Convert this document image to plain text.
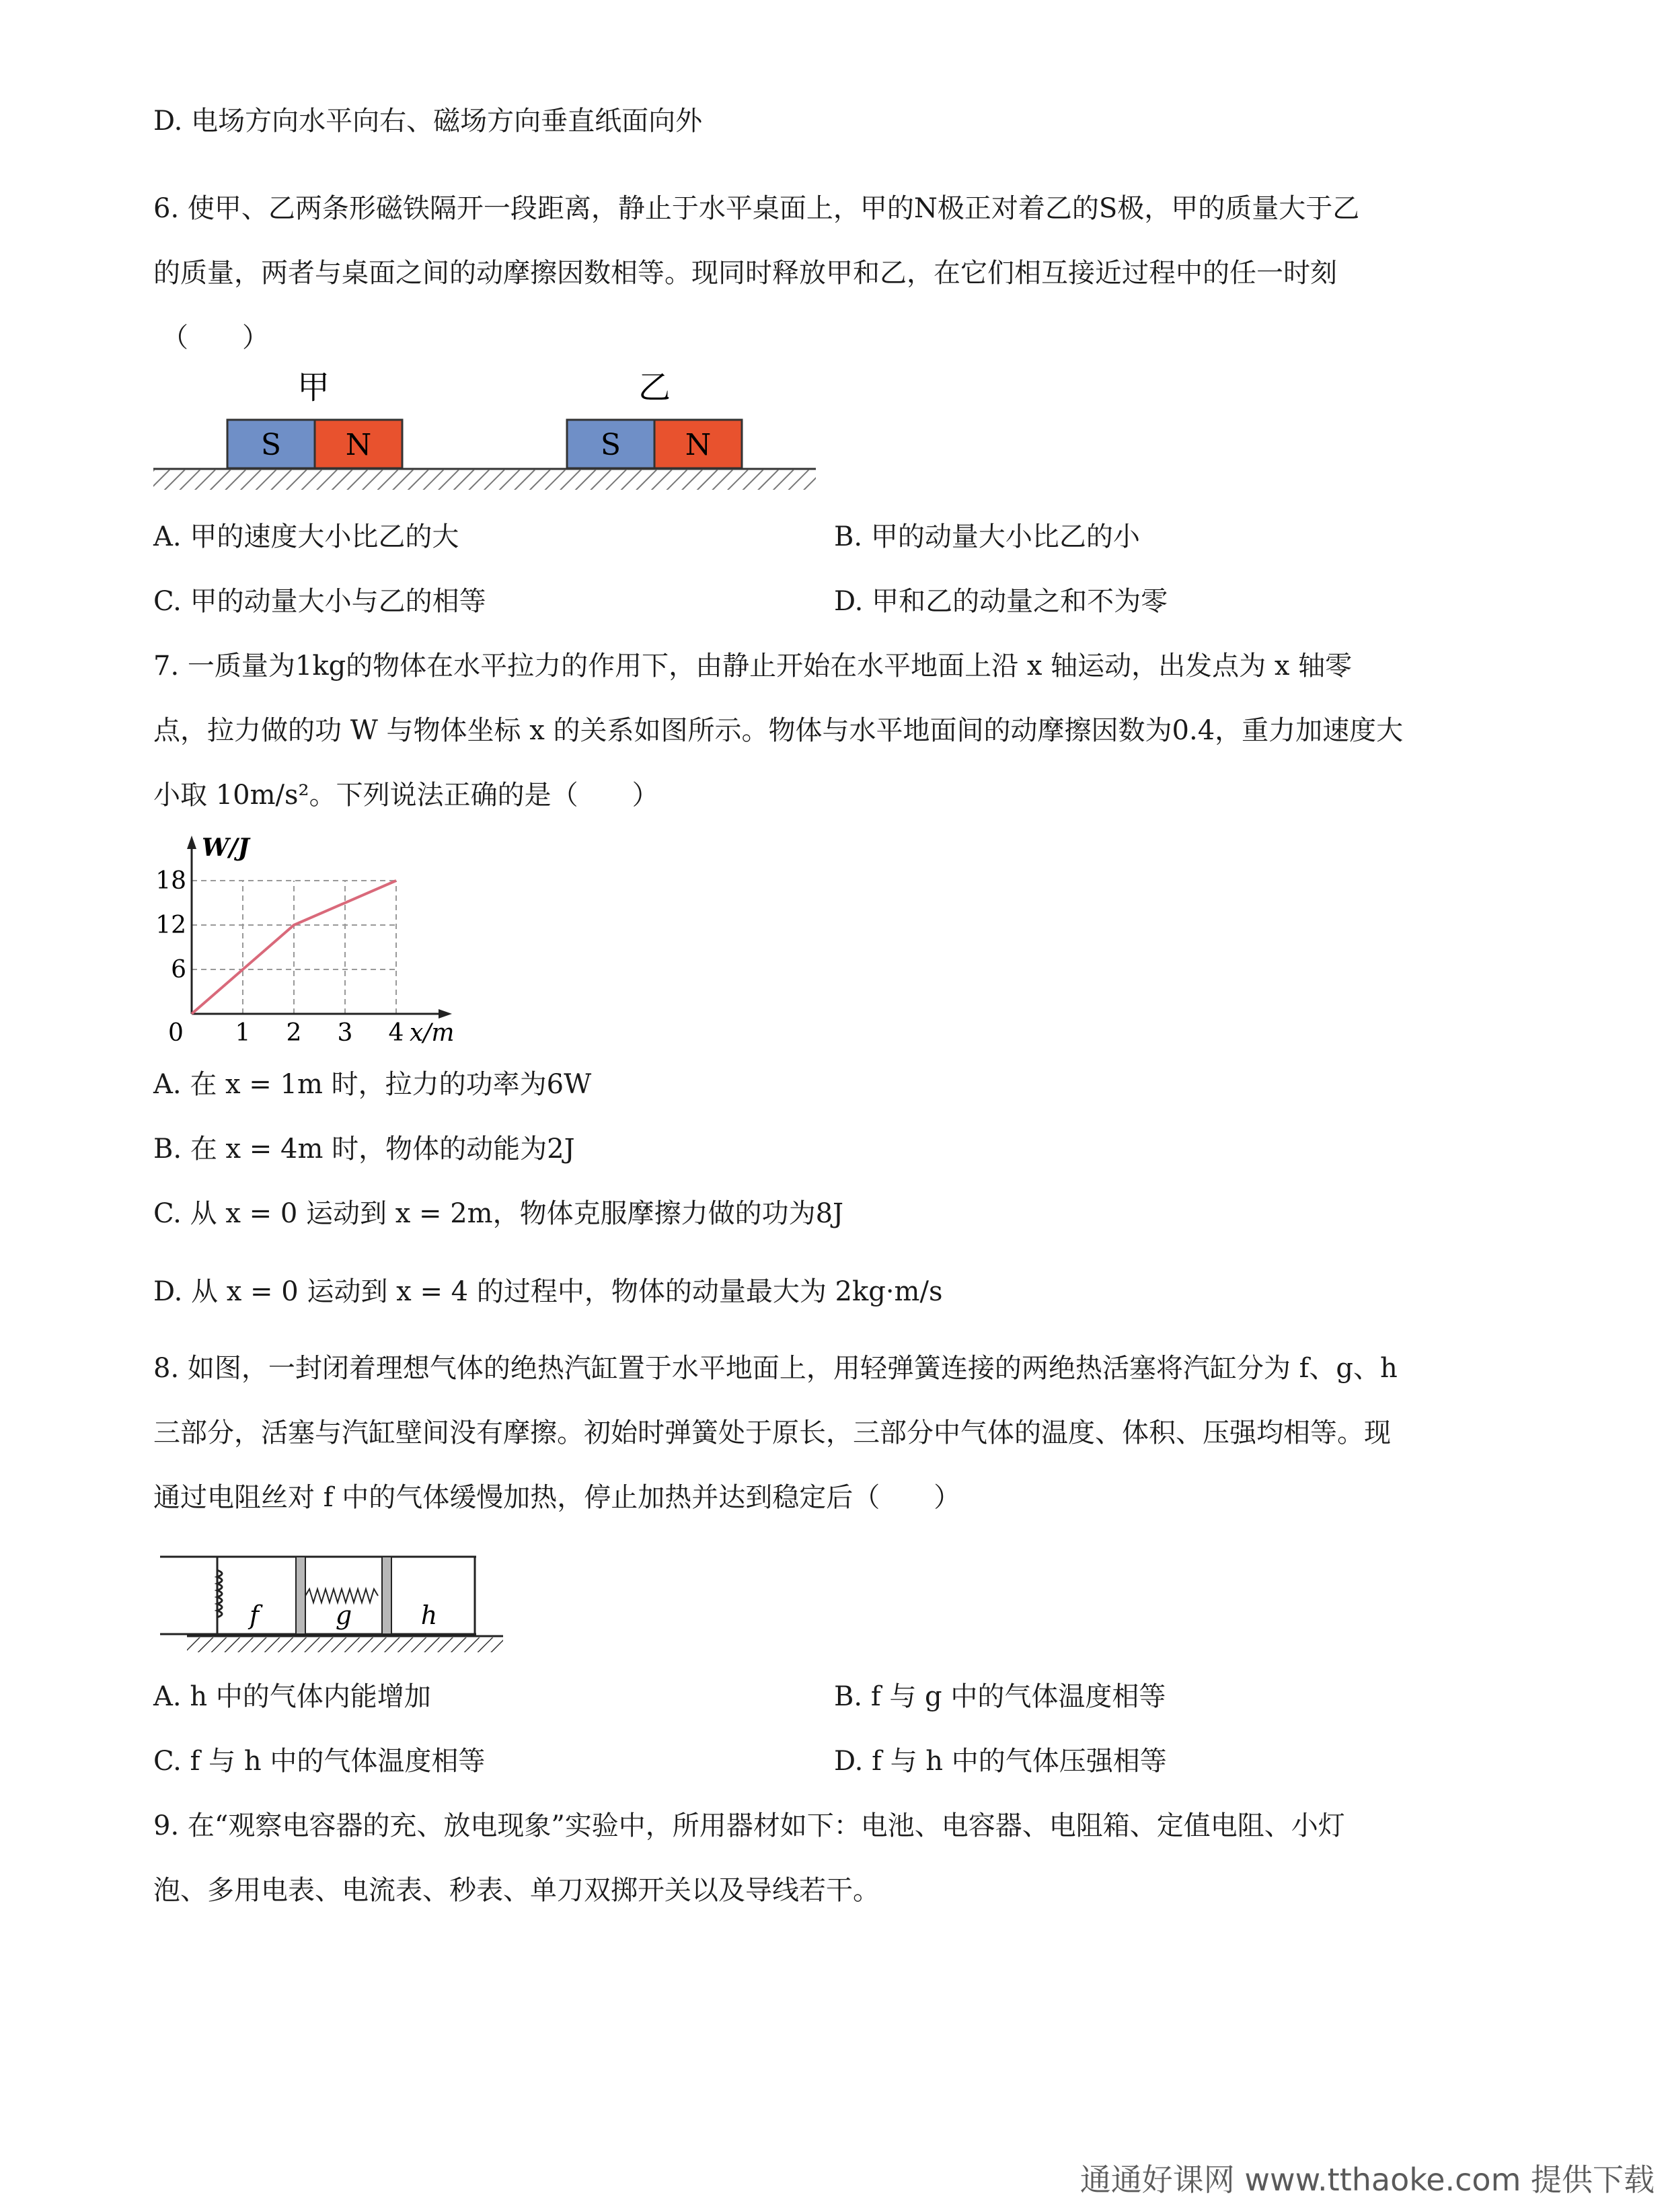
D. 电场方向水平向右、磁场方向垂直纸面向外
6. 使甲、乙两条形磁铁隔开一段距离，静止于水平桌面上，甲的N极正对着乙的S极，甲的质量大于乙
的质量，两者与桌面之间的动摩擦因数相等。现同时释放甲和乙，在它们相互接近过程中的任一时刻
（　　）
甲	乙
S N	S N
A. 甲的速度大小比乙的大	B. 甲的动量大小比乙的小
C. 甲的动量大小与乙的相等	D. 甲和乙的动量之和不为零
7. 一质量为1kg的物体在水平拉力的作用下，由静止开始在水平地面上沿 x 轴运动，出发点为 x 轴零
点，拉力做的功 W 与物体坐标 x 的关系如图所示。物体与水平地面间的动摩擦因数为0.4，重力加速度大
小取 10m/s²。下列说法正确的是（　　）
W/J
0 1 2 3 4
6
12
18
x/m
A. 在 x = 1m 时，拉力的功率为6W
B. 在 x = 4m 时，物体的动能为2J
C. 从 x = 0 运动到 x = 2m，物体克服摩擦力做的功为8J
D. 从 x = 0 运动到 x = 4 的过程中，物体的动量最大为 2kg·m/s
8. 如图，一封闭着理想气体的绝热汽缸置于水平地面上，用轻弹簧连接的两绝热活塞将汽缸分为 f、g、h
三部分，活塞与汽缸壁间没有摩擦。初始时弹簧处于原长，三部分中气体的温度、体积、压强均相等。现
通过电阻丝对 f 中的气体缓慢加热，停止加热并达到稳定后（　　）
f	g	h
A. h 中的气体内能增加	B. f 与 g 中的气体温度相等
C. f 与 h 中的气体温度相等	D. f 与 h 中的气体压强相等
9. 在“观察电容器的充、放电现象”实验中，所用器材如下：电池、电容器、电阻箱、定值电阻、小灯
泡、多用电表、电流表、秒表、单刀双掷开关以及导线若干。
通通好课网 www.tthaoke.com 提供下载
